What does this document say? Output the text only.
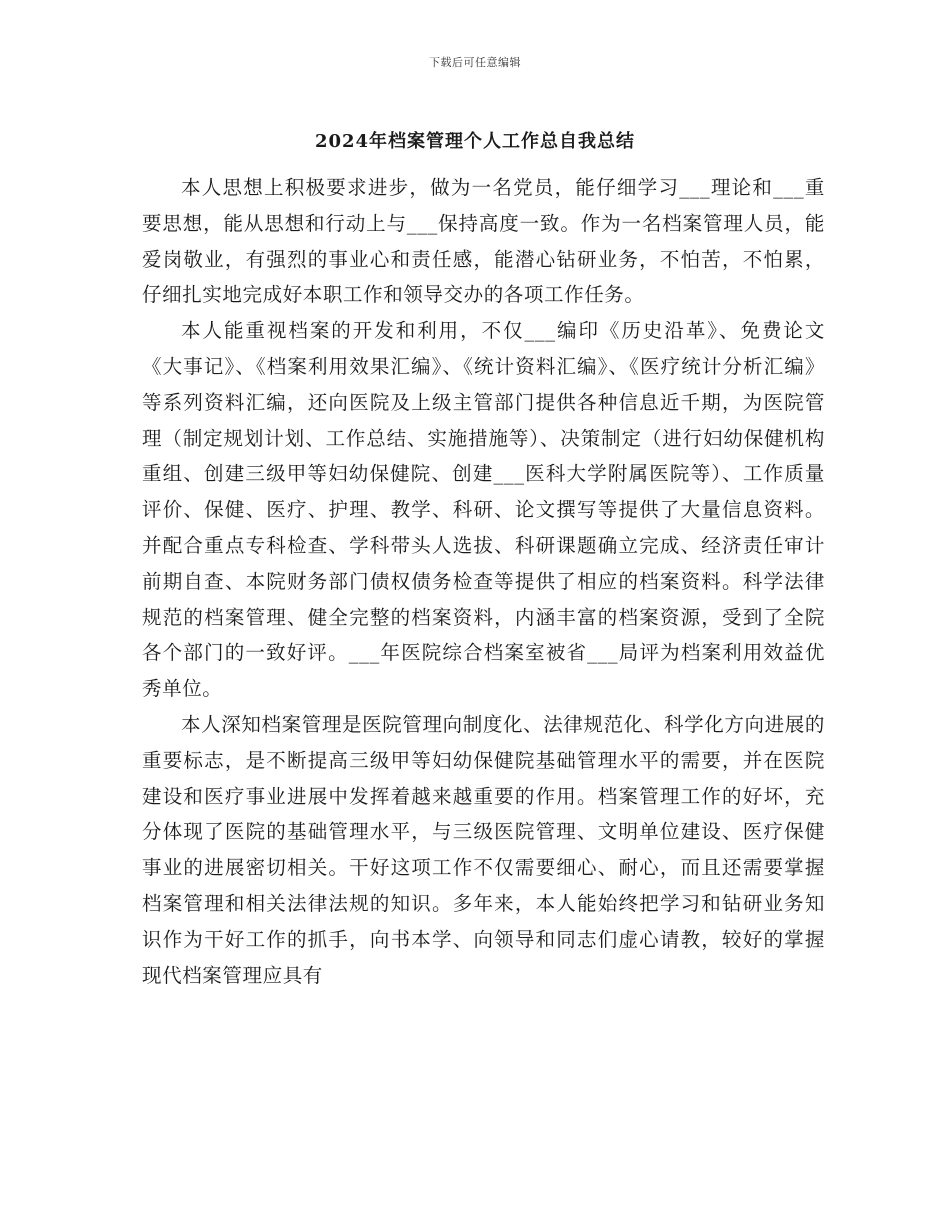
下载后可任意编辑
2024年档案管理个人工作总自我总结

本人思想上积极要求进步，做为一名党员，能仔细学习___理论和___重要思想，能从思想和行动上与___保持高度一致。作为一名档案管理人员，能爱岗敬业，有强烈的事业心和责任感，能潜心钻研业务，不怕苦，不怕累，仔细扎实地完成好本职工作和领导交办的各项工作任务。

本人能重视档案的开发和利用，不仅___编印《历史沿革》、免费论文《大事记》、《档案利用效果汇编》、《统计资料汇编》、《医疗统计分析汇编》等系列资料汇编，还向医院及上级主管部门提供各种信息近千期，为医院管理（制定规划计划、工作总结、实施措施等）、决策制定（进行妇幼保健机构重组、创建三级甲等妇幼保健院、创建___医科大学附属医院等）、工作质量评价、保健、医疗、护理、教学、科研、论文撰写等提供了大量信息资料。并配合重点专科检查、学科带头人选拔、科研课题确立完成、经济责任审计前期自查、本院财务部门债权债务检查等提供了相应的档案资料。科学法律规范的档案管理、健全完整的档案资料，内涵丰富的档案资源，受到了全院各个部门的一致好评。___年医院综合档案室被省___局评为档案利用效益优秀单位。

本人深知档案管理是医院管理向制度化、法律规范化、科学化方向进展的重要标志，是不断提高三级甲等妇幼保健院基础管理水平的需要，并在医院建设和医疗事业进展中发挥着越来越重要的作用。档案管理工作的好坏，充分体现了医院的基础管理水平，与三级医院管理、文明单位建设、医疗保健事业的进展密切相关。干好这项工作不仅需要细心、耐心，而且还需要掌握档案管理和相关法律法规的知识。多年来，本人能始终把学习和钻研业务知识作为干好工作的抓手，向书本学、向领导和同志们虚心请教，较好的掌握现代档案管理应具有
